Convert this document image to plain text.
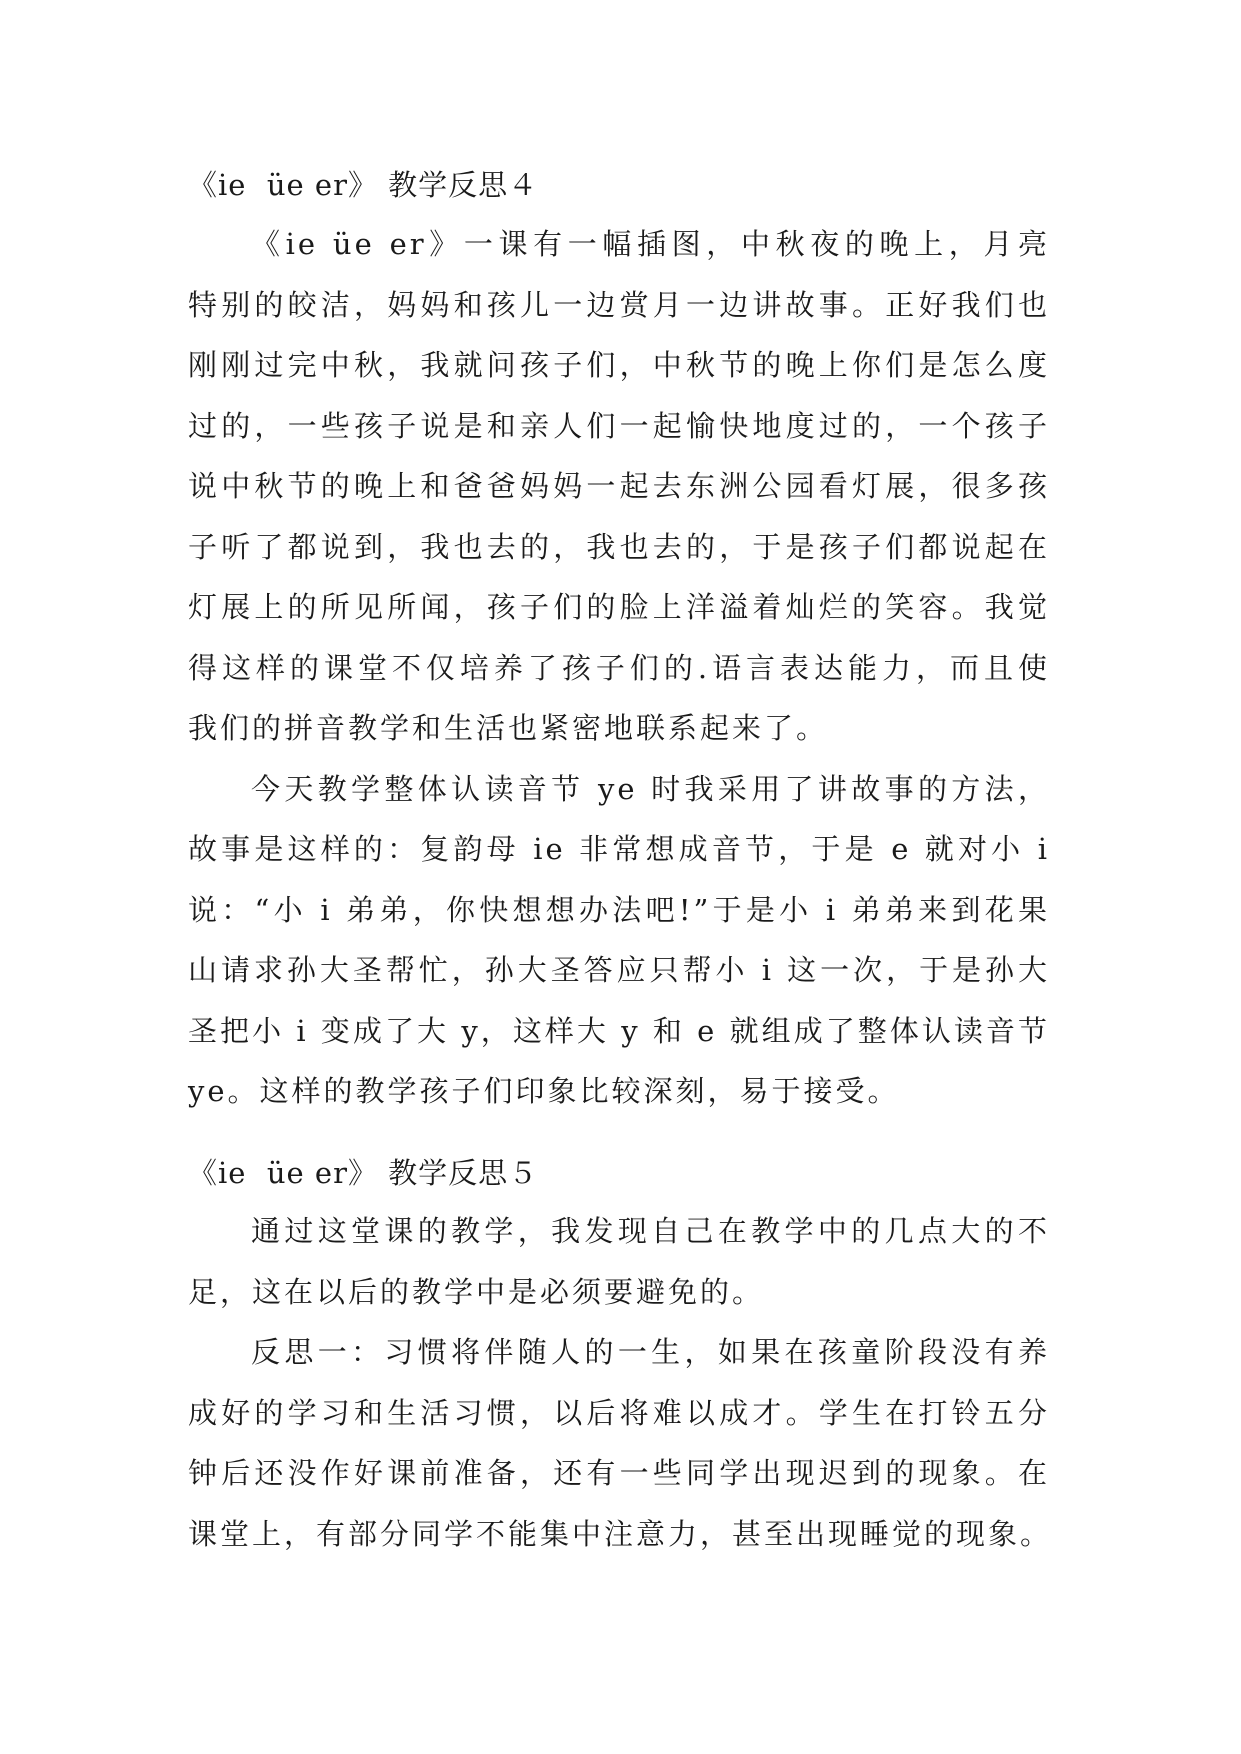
《ie  üe er》 教学反思４
《ie üe er》一课有一幅插图，中秋夜的晚上，月亮
特别的皎洁，妈妈和孩儿一边赏月一边讲故事。正好我们也
刚刚过完中秋，我就问孩子们，中秋节的晚上你们是怎么度
过的，一些孩子说是和亲人们一起愉快地度过的，一个孩子
说中秋节的晚上和爸爸妈妈一起去东洲公园看灯展，很多孩
子听了都说到，我也去的，我也去的，于是孩子们都说起在
灯展上的所见所闻，孩子们的脸上洋溢着灿烂的笑容。我觉
得这样的课堂不仅培养了孩子们的.语言表达能力，而且使
我们的拼音教学和生活也紧密地联系起来了。
今天教学整体认读音节 ye 时我采用了讲故事的方法，
故事是这样的：复韵母 ie 非常想成音节，于是 e 就对小 i
说：“小 i 弟弟，你快想想办法吧!”于是小 i 弟弟来到花果
山请求孙大圣帮忙，孙大圣答应只帮小 i 这一次，于是孙大
圣把小 i 变成了大 y，这样大 y 和 e 就组成了整体认读音节
ye。这样的教学孩子们印象比较深刻，易于接受。
《ie  üe er》 教学反思５
通过这堂课的教学，我发现自己在教学中的几点大的不
足，这在以后的教学中是必须要避免的。
反思一：习惯将伴随人的一生，如果在孩童阶段没有养
成好的学习和生活习惯，以后将难以成才。学生在打铃五分
钟后还没作好课前准备，还有一些同学出现迟到的现象。在
课堂上，有部分同学不能集中注意力，甚至出现睡觉的现象。
